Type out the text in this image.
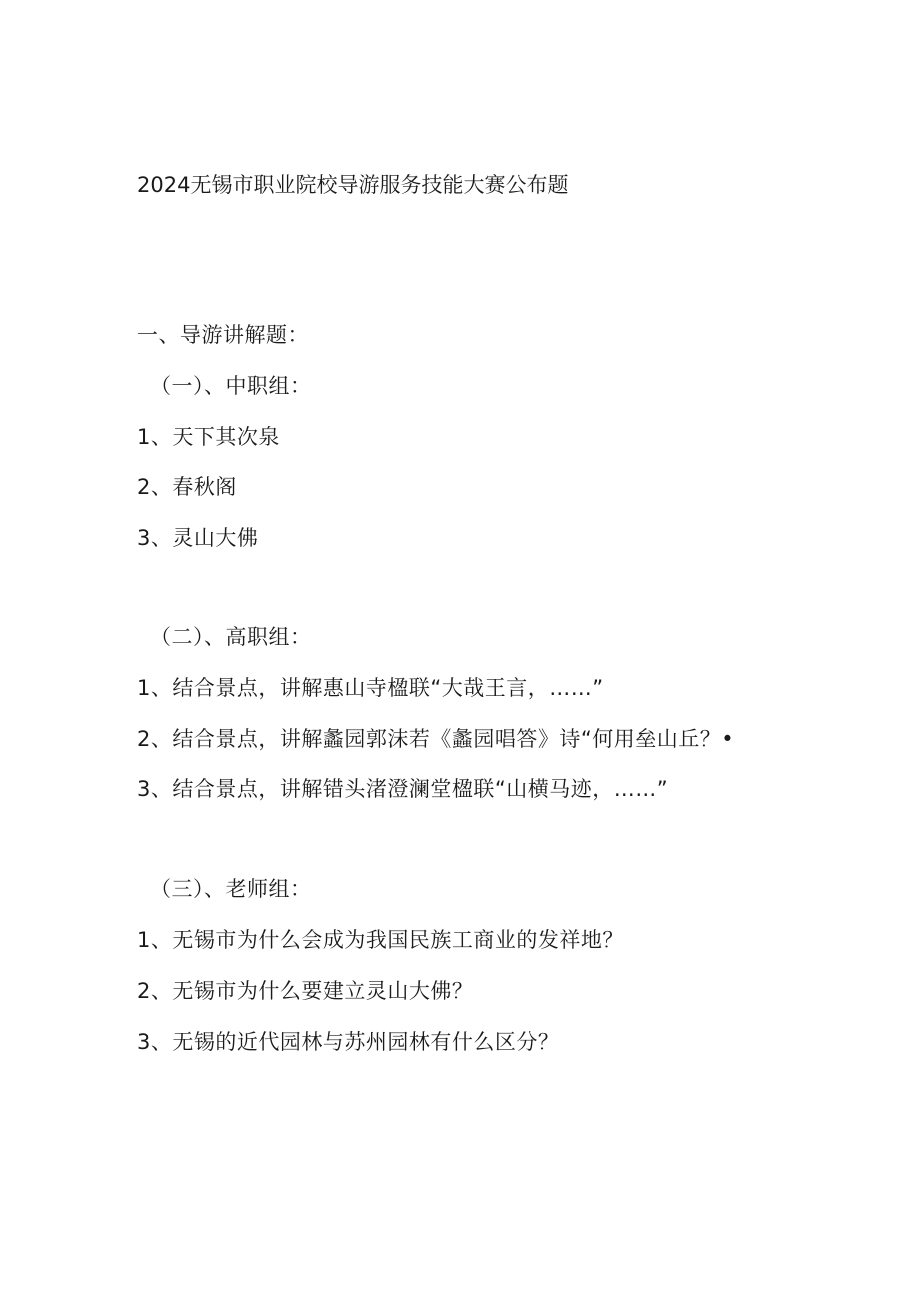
2024无锡市职业院校导游服务技能大赛公布题
一、导游讲解题：
（一）、中职组：
1、天下其次泉
2、春秋阁
3、灵山大佛
（二）、高职组：
1、结合景点，讲解惠山寺楹联“大哉王言，……”
2、结合景点，讲解蠡园郭沫若《蠡园唱答》诗“何用垒山丘？•
3、结合景点，讲解错头渚澄澜堂楹联“山横马迹，……”
（三）、老师组：
1、无锡市为什么会成为我国民族工商业的发祥地？
2、无锡市为什么要建立灵山大佛？
3、无锡的近代园林与苏州园林有什么区分？
